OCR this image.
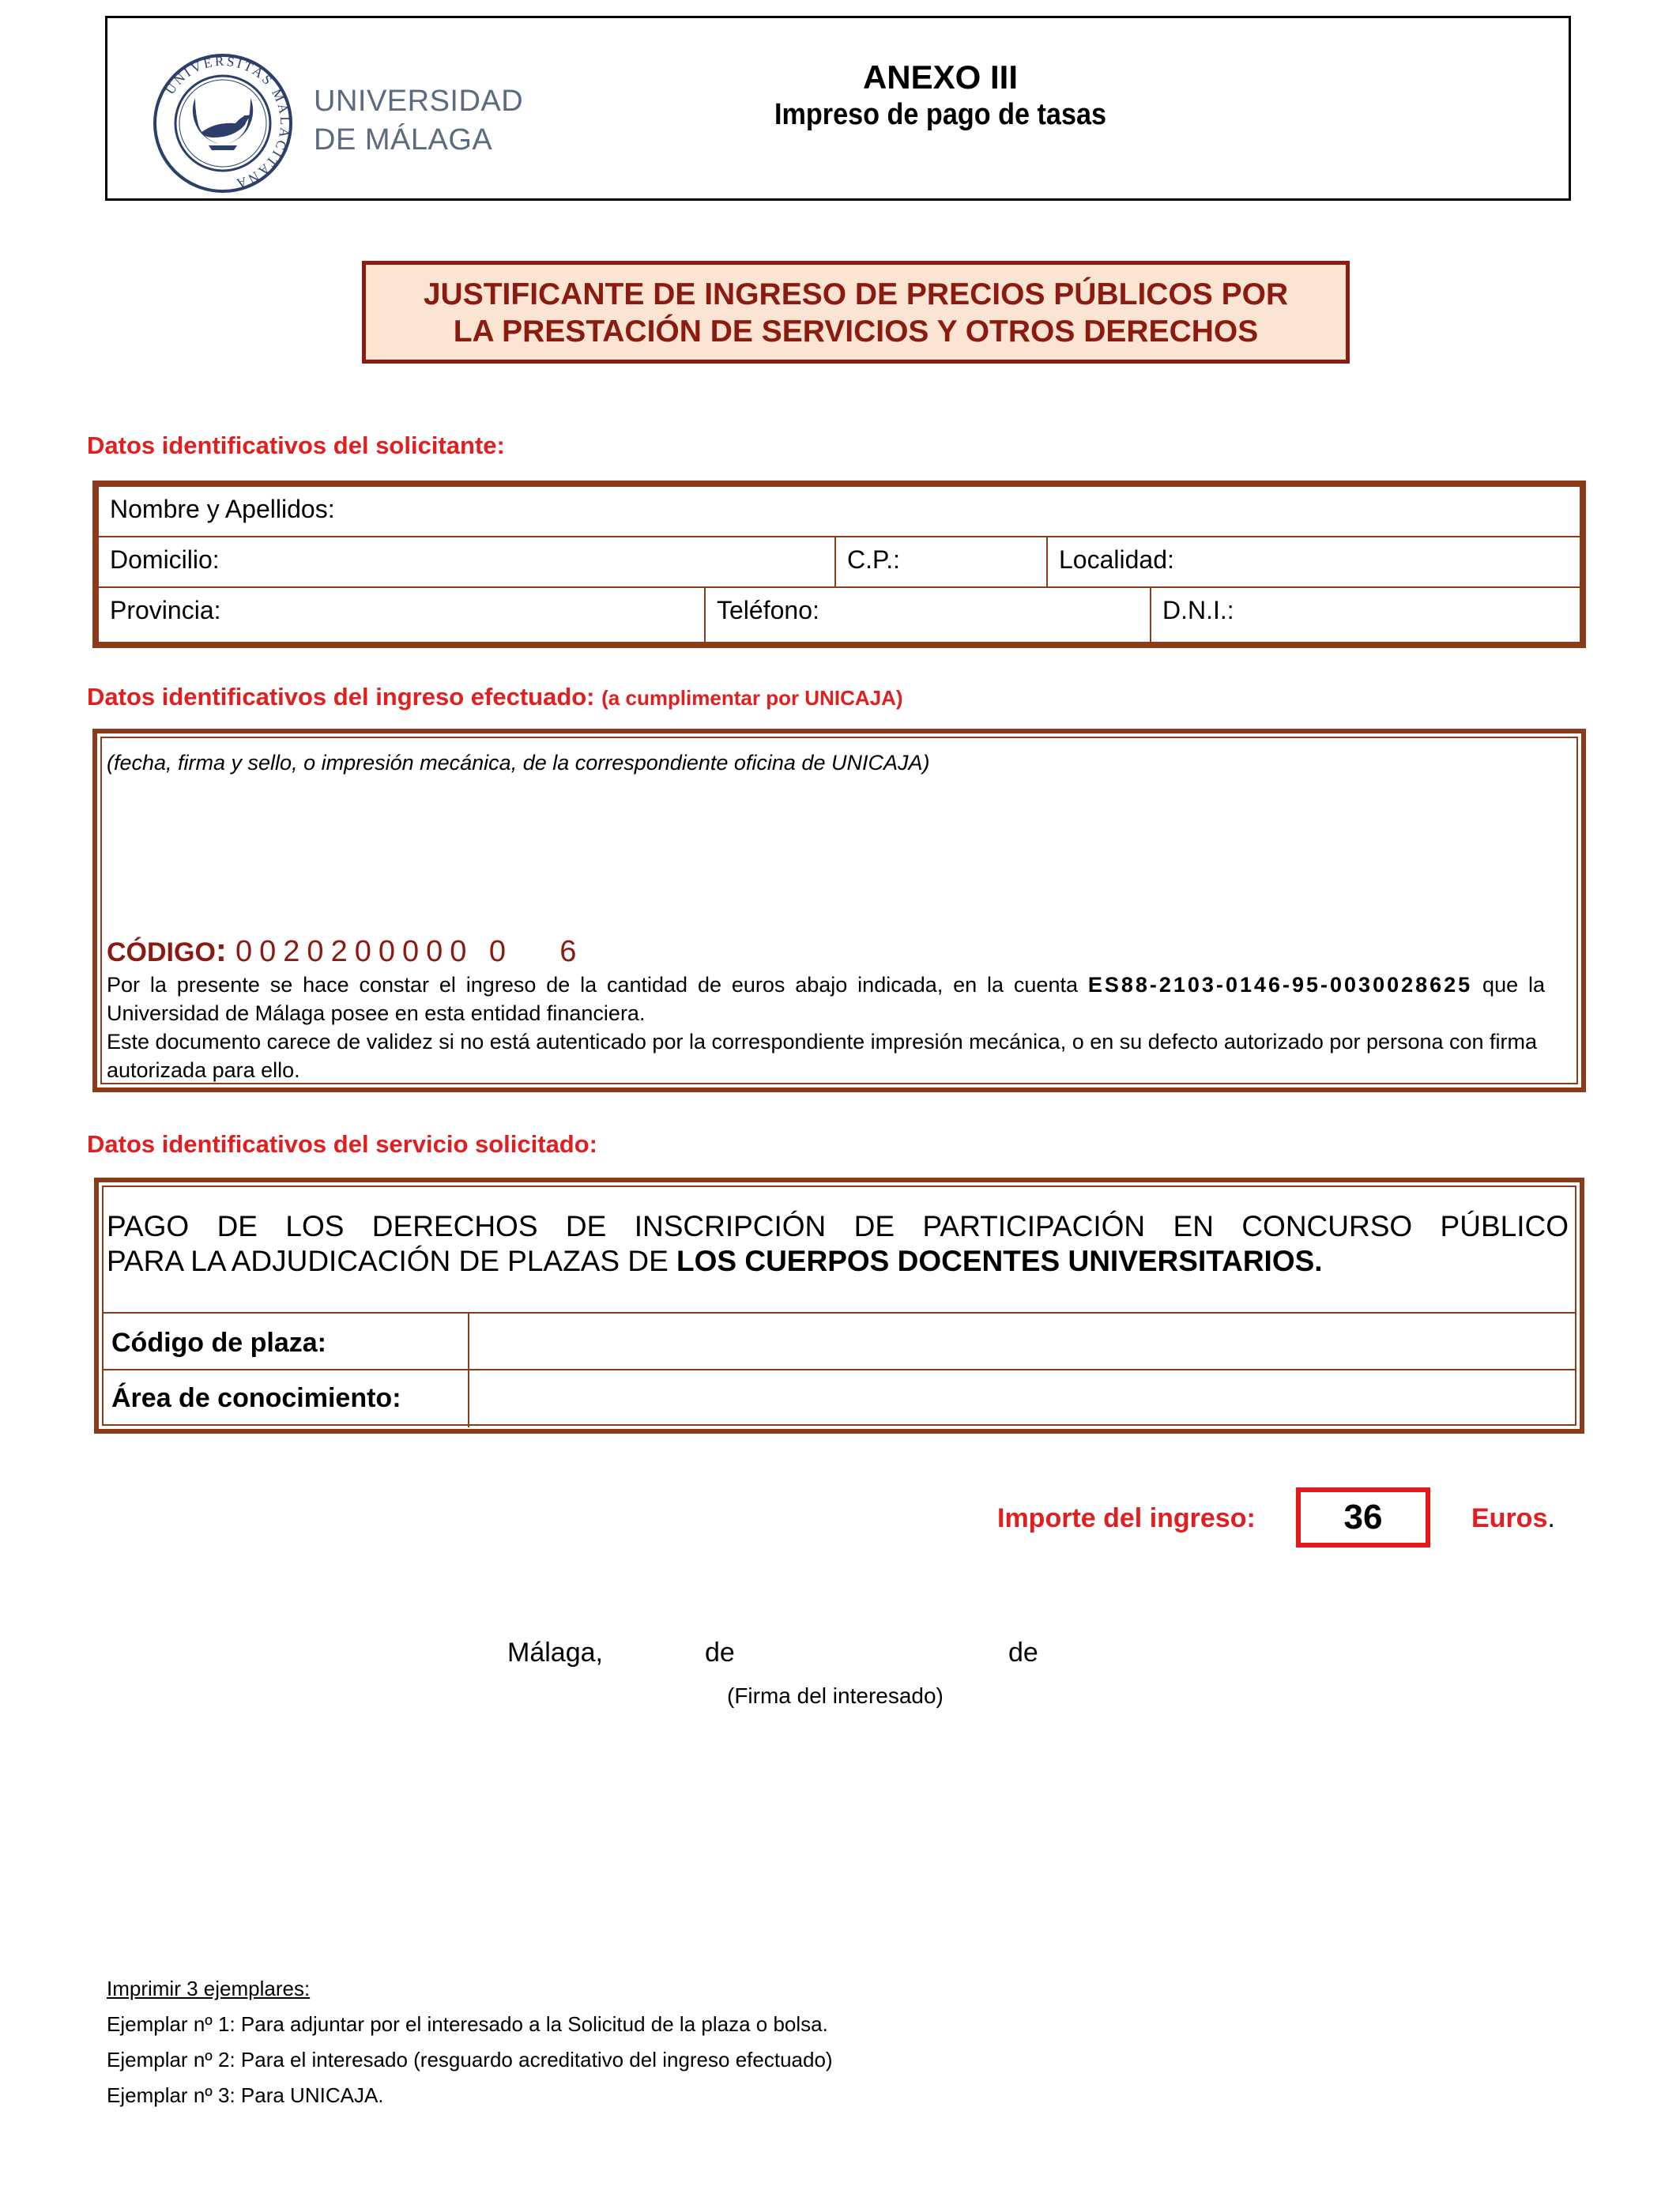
UNIVERSITAS MALACITANA
UNIVERSIDAD
DE MÁLAGA
ANEXO III
Impreso de pago de tasas
JUSTIFICANTE DE INGRESO DE PRECIOS PÚBLICOS POR
LA PRESTACIÓN DE SERVICIOS Y OTROS DERECHOS
Datos identificativos del solicitante:
Nombre y Apellidos:
Domicilio:	C.P.:	Localidad:
Provincia:	Teléfono:	D.N.I.:
Datos identificativos del ingreso efectuado: (a cumplimentar por UNICAJA)
(fecha, firma y sello, o impresión mecánica, de la correspondiente oficina de UNICAJA)
CÓDIGO: 0020200000 0 6
Por la presente se hace constar el ingreso de la cantidad de euros abajo indicada, en la cuenta ES88-2103-0146-95-0030028625 que la Universidad de Málaga posee en esta entidad financiera.
Este documento carece de validez si no está autenticado por la correspondiente impresión mecánica, o en su defecto autorizado por persona con firma autorizada para ello.
Datos identificativos del servicio solicitado:
PAGO DE LOS DERECHOS DE INSCRIPCIÓN DE PARTICIPACIÓN EN CONCURSO PÚBLICO
PARA LA ADJUDICACIÓN DE PLAZAS DE LOS CUERPOS DOCENTES UNIVERSITARIOS.
Código de plaza:
Área de conocimiento:
Importe del ingreso:	36	Euros.
Málaga,	de	de
(Firma del interesado)
Imprimir 3 ejemplares:
Ejemplar nº 1: Para adjuntar por el interesado a la Solicitud de la plaza o bolsa.
Ejemplar nº 2: Para el interesado (resguardo acreditativo del ingreso efectuado)
Ejemplar nº 3: Para UNICAJA.
